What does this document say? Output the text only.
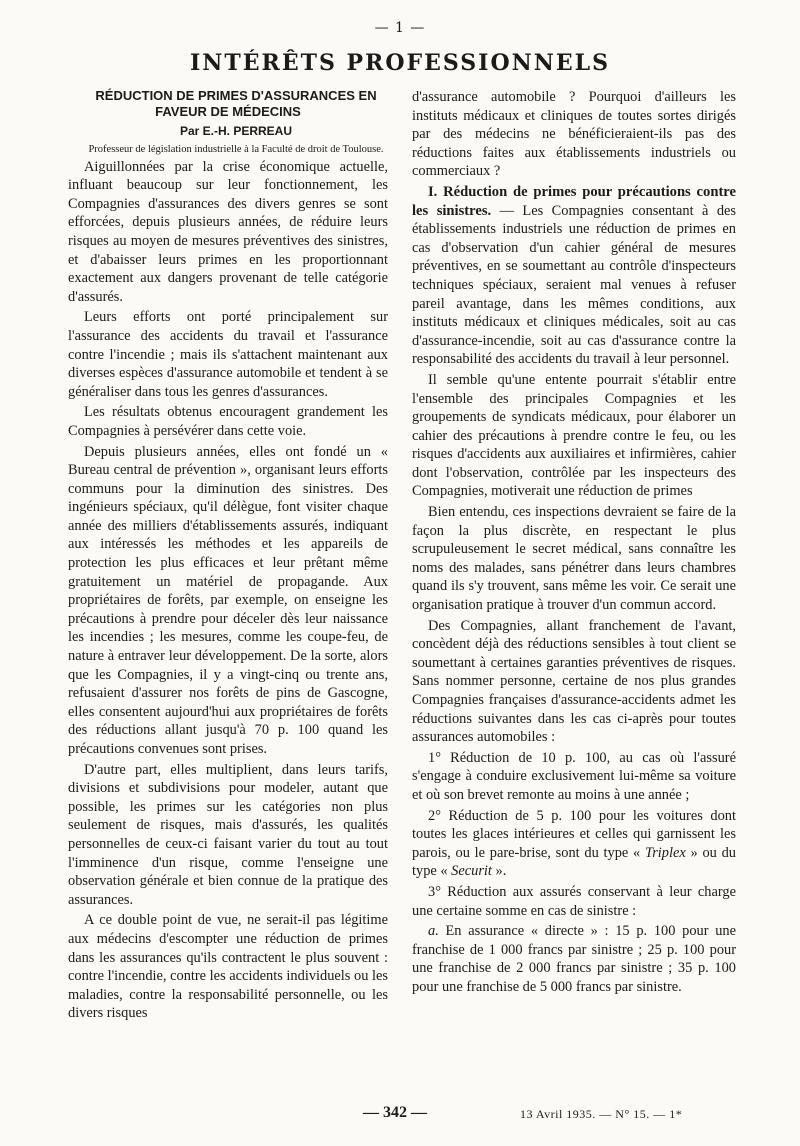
— 1 —
INTÉRÊTS PROFESSIONNELS

RÉDUCTION DE PRIMES D'ASSURANCES EN FAVEUR DE MÉDECINS

Par E.-H. PERREAU

Professeur de législation industrielle à la Faculté de droit de Toulouse.

Aiguillonnées par la crise économique actuelle, influant beaucoup sur leur fonctionnement, les Compagnies d'assurances des divers genres se sont efforcées, depuis plusieurs années, de réduire leurs risques au moyen de mesures préventives des sinistres, et d'abaisser leurs primes en les proportionnant exactement aux dangers provenant de telle catégorie d'assurés.

Leurs efforts ont porté principalement sur l'assurance des accidents du travail et l'assurance contre l'incendie ; mais ils s'attachent maintenant aux diverses espèces d'assurance automobile et tendent à se généraliser dans tous les genres d'assurances.

Les résultats obtenus encouragent grandement les Compagnies à persévérer dans cette voie.

Depuis plusieurs années, elles ont fondé un « Bureau central de prévention », organisant leurs efforts communs pour la diminution des sinistres. Des ingénieurs spéciaux, qu'il délègue, font visiter chaque année des milliers d'établissements assurés, indiquant aux intéressés les méthodes et les appareils de protection les plus efficaces et leur prêtant même gratuitement un matériel de propagande. Aux propriétaires de forêts, par exemple, on enseigne les précautions à prendre pour déceler dès leur naissance les incendies ; les mesures, comme les coupe-feu, de nature à entraver leur développement. De la sorte, alors que les Compagnies, il y a vingt-cinq ou trente ans, refusaient d'assurer nos forêts de pins de Gascogne, elles consentent aujourd'hui aux propriétaires de forêts des réductions allant jusqu'à 70 p. 100 quand les précautions convenues sont prises.

D'autre part, elles multiplient, dans leurs tarifs, divisions et subdivisions pour modeler, autant que possible, les primes sur les catégories non plus seulement de risques, mais d'assurés, les qualités personnelles de ceux-ci faisant varier du tout au tout l'imminence d'un risque, comme l'enseigne une observation générale et bien connue de la pratique des assurances.

A ce double point de vue, ne serait-il pas légitime aux médecins d'escompter une réduction de primes dans les assurances qu'ils contractent le plus souvent : contre l'incendie, contre les accidents individuels ou les maladies, contre la responsabilité personnelle, ou les divers risques

d'assurance automobile ? Pourquoi d'ailleurs les instituts médicaux et cliniques de toutes sortes dirigés par des médecins ne bénéficieraient-ils pas des réductions faites aux établissements industriels ou commerciaux ?

I. Réduction de primes pour précautions contre les sinistres. — Les Compagnies consentant à des établissements industriels une réduction de primes en cas d'observation d'un cahier général de mesures préventives, en se soumettant au contrôle d'inspecteurs techniques spéciaux, seraient mal venues à refuser pareil avantage, dans les mêmes conditions, aux instituts médicaux et cliniques médicales, soit au cas d'assurance-incendie, soit au cas d'assurance contre la responsabilité des accidents du travail à leur personnel.

Il semble qu'une entente pourrait s'établir entre l'ensemble des principales Compagnies et les groupements de syndicats médicaux, pour élaborer un cahier des précautions à prendre contre le feu, ou les risques d'accidents aux auxiliaires et infirmières, cahier dont l'observation, contrôlée par les inspecteurs des Compagnies, motiverait une réduction de primes

Bien entendu, ces inspections devraient se faire de la façon la plus discrète, en respectant le plus scrupuleusement le secret médical, sans connaître les noms des malades, sans pénétrer dans leurs chambres quand ils s'y trouvent, sans même les voir. Ce serait une organisation pratique à trouver d'un commun accord.

Des Compagnies, allant franchement de l'avant, concèdent déjà des réductions sensibles à tout client se soumettant à certaines garanties préventives de risques. Sans nommer personne, certaine de nos plus grandes Compagnies françaises d'assurance-accidents admet les réductions suivantes dans les cas ci-après pour toutes assurances automobiles :

1° Réduction de 10 p. 100, au cas où l'assuré s'engage à conduire exclusivement lui-même sa voiture et où son brevet remonte au moins à une année ;

2° Réduction de 5 p. 100 pour les voitures dont toutes les glaces intérieures et celles qui garnissent les parois, ou le pare-brise, sont du type « Triplex » ou du type « Securit ».

3° Réduction aux assurés conservant à leur charge une certaine somme en cas de sinistre :

a. En assurance « directe » : 15 p. 100 pour une franchise de 1 000 francs par sinistre ; 25 p. 100 pour une franchise de 2 000 francs par sinistre ; 35 p. 100 pour une franchise de 5 000 francs par sinistre.

— 342 —	13 Avril 1935. — N° 15. — 1*
